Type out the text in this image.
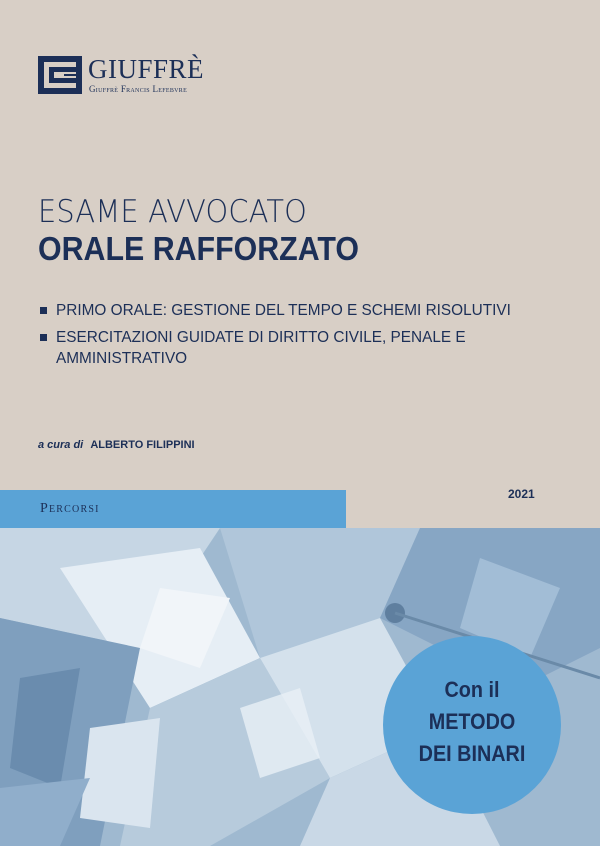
GIUFFRÈ
Giuffrè Francis Lefebvre
ESAME AVVOCATO
ORALE RAFFORZATO
PRIMO ORALE: GESTIONE DEL TEMPO E SCHEMI RISOLUTIVI
ESERCITAZIONI GUIDATE DI DIRITTO CIVILE, PENALE E AMMINISTRATIVO
a cura di ALBERTO FILIPPINI
Percorsi
2021
Con il
METODO
DEI BINARI
